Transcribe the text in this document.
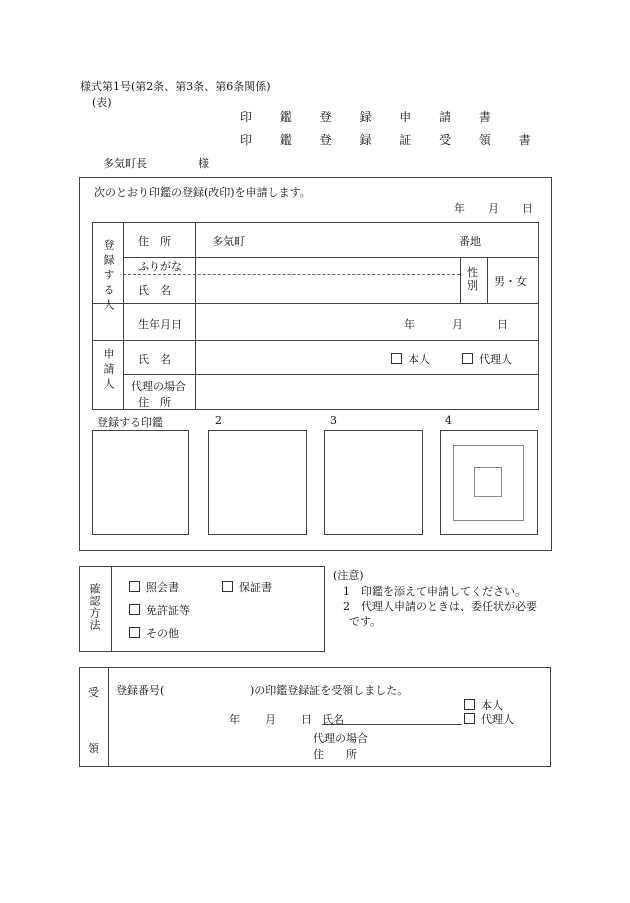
様式第1号(第2条、第3条、第6条関係)
(表)
印 鑑 登 録 申 請 書
印 鑑 登 録 証 受 領 書
多気町長	様
次のとおり印鑑の登録(改印)を申請します。
年 月 日
登録する人 住　所	多気町	番地
ふりがな
氏　名
性別 男・女
生年月日	年	月	日
申請人 氏　名	本人	代理人
代理の場合
住　所
登録する印鑑	2	3	4
確認方法	照会書	保証書
免許証等
その他
(注意)
1　印鑑を添えて申請してください。
2　代理人申請のときは、委任状が必要
です。
受
領
登録番号(	)の印鑑登録証を受領しました。
本人
年 月 日 氏名	代理人
代理の場合
住　　所
